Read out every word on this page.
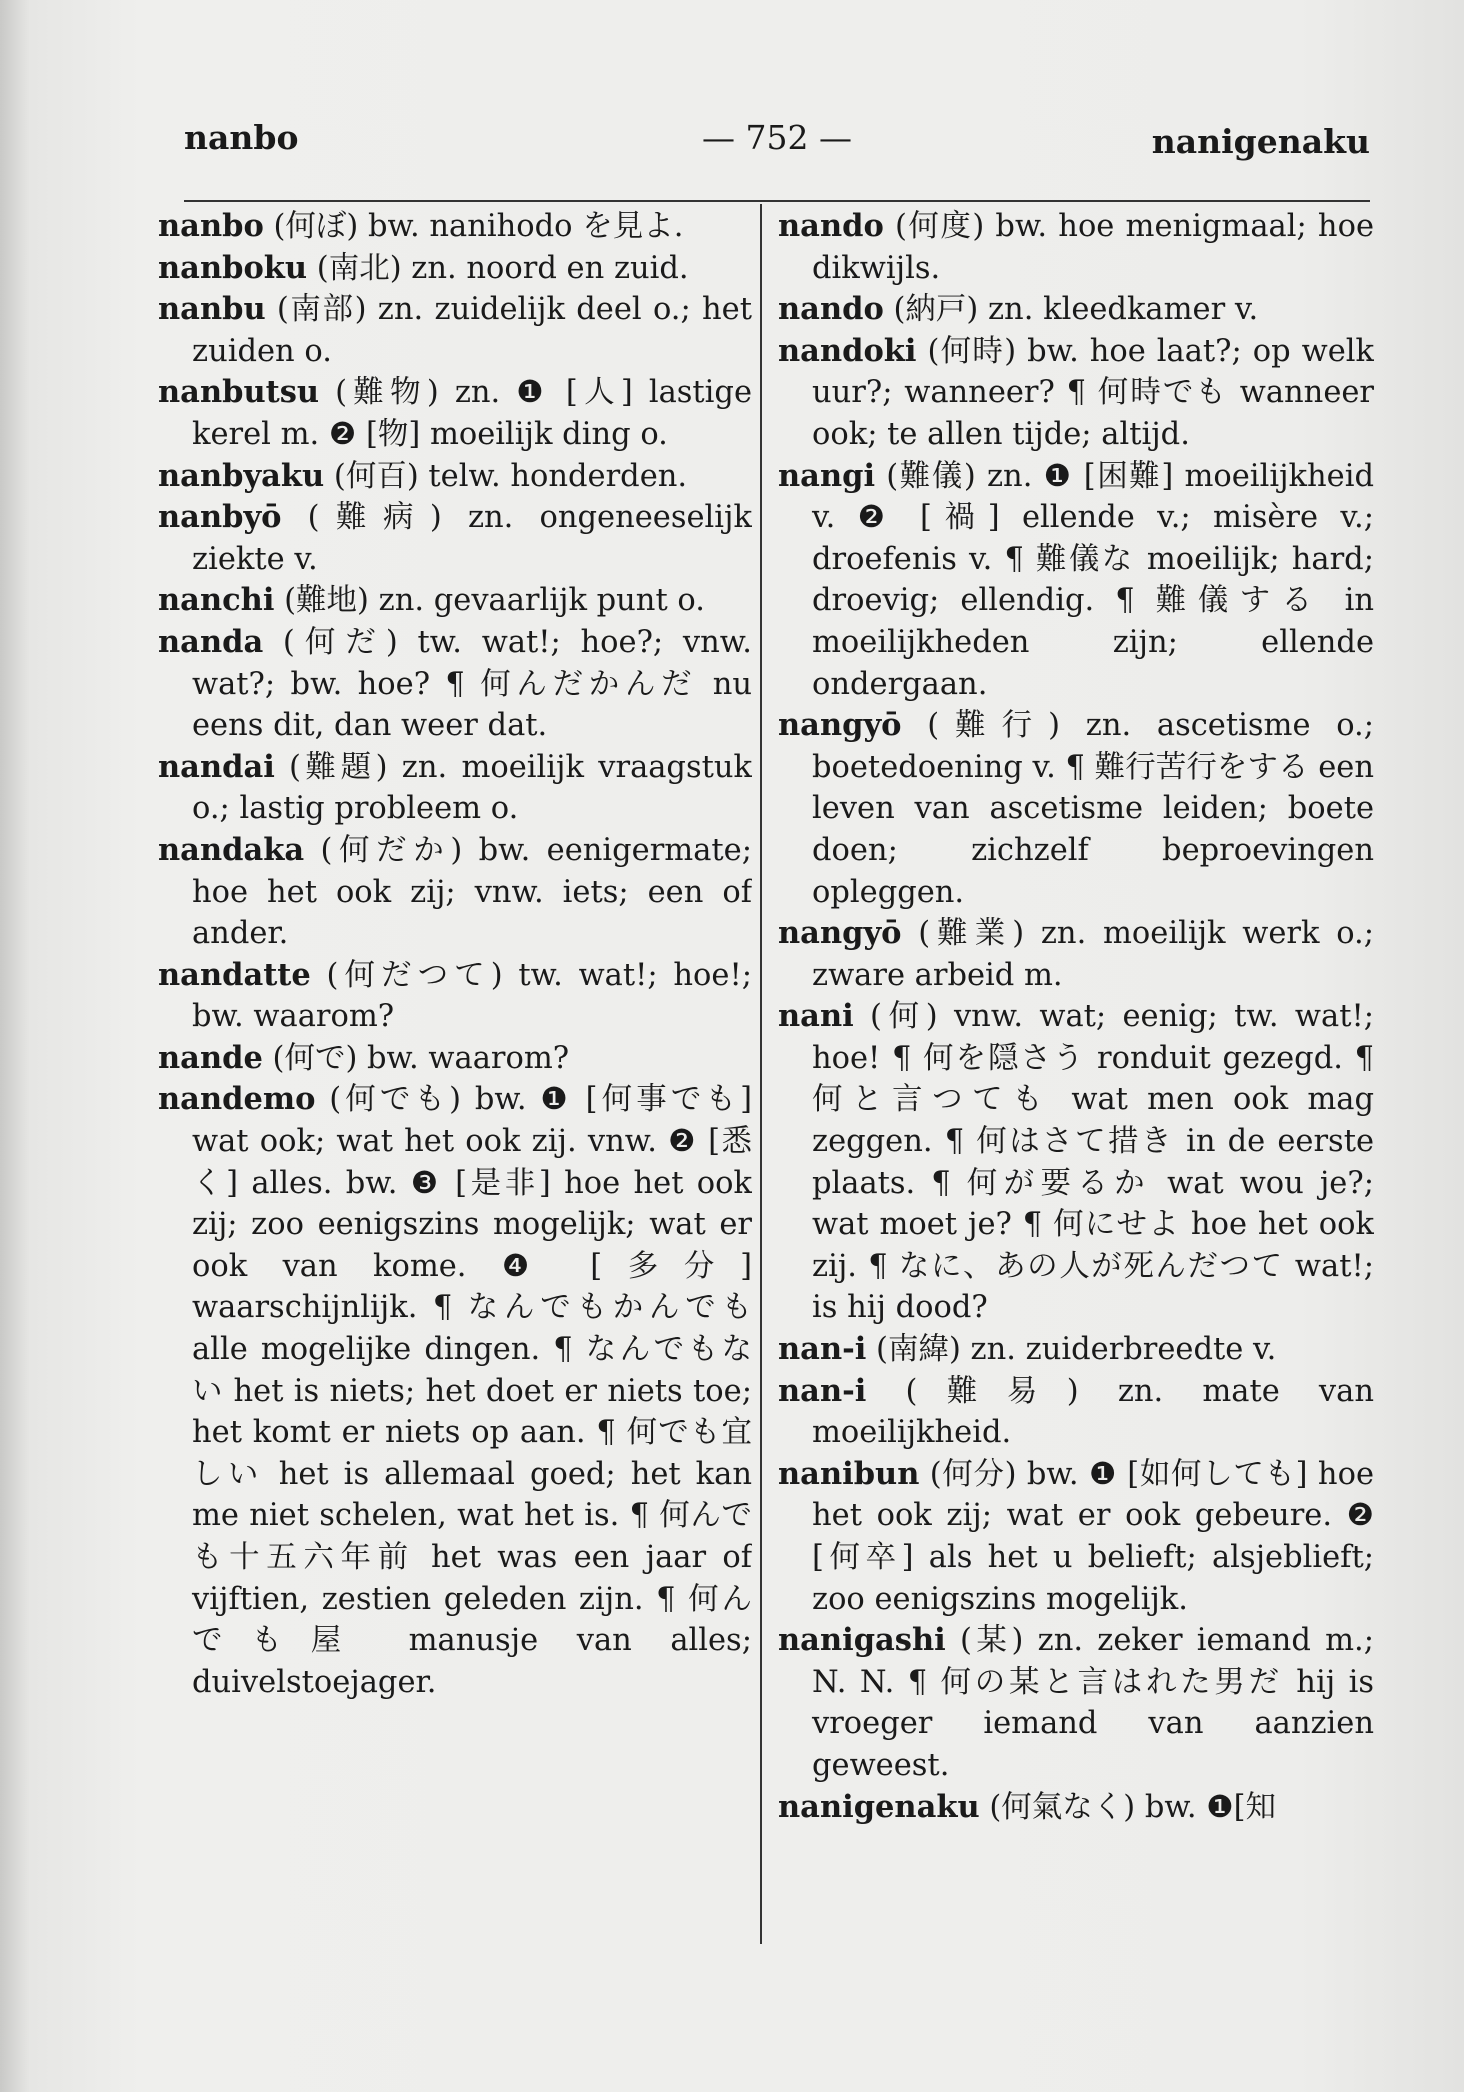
nanbo	— 752 —	nanigenaku

nanbo (何ぼ) bw. nanihodo を見よ.

nanboku (南北) zn. noord en zuid.

nanbu (南部) zn. zuidelijk deel o.; het zuiden o.

nanbutsu (難物) zn. ❶ [人] lastige kerel m. ❷ [物] moeilijk ding o.

nanbyaku (何百) telw. honderden.

nanbyō (難病) zn. ongeneeselijk ziekte v.

nanchi (難地) zn. gevaarlijk punt o.

nanda (何だ) tw. wat!; hoe?; vnw. wat?; bw. hoe? ¶ 何んだかんだ nu eens dit, dan weer dat.

nandai (難題) zn. moeilijk vraagstuk o.; lastig probleem o.

nandaka (何だか) bw. eenigermate; hoe het ook zij; vnw. iets; een of ander.

nandatte (何だつて) tw. wat!; hoe!; bw. waarom?

nande (何で) bw. waarom?

nandemo (何でも) bw. ❶ [何事でも] wat ook; wat het ook zij. vnw. ❷ [悉く] alles. bw. ❸ [是非] hoe het ook zij; zoo eenigszins mogelijk; wat er ook van kome. ❹ [多分] waarschijnlijk. ¶ なんでもかんでも alle mogelijke dingen. ¶ なんでもない het is niets; het doet er niets toe; het komt er niets op aan. ¶ 何でも宜しい het is allemaal goed; het kan me niet schelen, wat het is. ¶ 何んでも十五六年前 het was een jaar of vijftien, zestien geleden zijn. ¶ 何んでも屋 manusje van alles; duivelstoejager.

nando (何度) bw. hoe menigmaal; hoe dikwijls.

nando (納戸) zn. kleedkamer v.

nandoki (何時) bw. hoe laat?; op welk uur?; wanneer? ¶ 何時でも wanneer ook; te allen tijde; altijd.

nangi (難儀) zn. ❶ [困難] moeilijkheid v. ❷ [禍] ellende v.; misère v.; droefenis v. ¶ 難儀な moeilijk; hard; droevig; ellendig. ¶ 難儀する in moeilijkheden zijn; ellende ondergaan.

nangyō (難行) zn. ascetisme o.; boetedoening v. ¶ 難行苦行をする een leven van ascetisme leiden; boete doen; zichzelf beproevingen opleggen.

nangyō (難業) zn. moeilijk werk o.; zware arbeid m.

nani (何) vnw. wat; eenig; tw. wat!; hoe! ¶ 何を隠さう ronduit gezegd. ¶ 何と言つても wat men ook mag zeggen. ¶ 何はさて措き in de eerste plaats. ¶ 何が要るか wat wou je?; wat moet je? ¶ 何にせよ hoe het ook zij. ¶ なに、あの人が死んだつて wat!; is hij dood?

nan-i (南緯) zn. zuiderbreedte v.

nan-i (難易) zn. mate van moeilijkheid.

nanibun (何分) bw. ❶ [如何しても] hoe het ook zij; wat er ook gebeure. ❷ [何卒] als het u belieft; alsjeblieft; zoo eenigszins mogelijk.

nanigashi (某) zn. zeker iemand m.; N. N. ¶ 何の某と言はれた男だ hij is vroeger iemand van aanzien geweest.

nanigenaku (何氣なく) bw. ❶[知
